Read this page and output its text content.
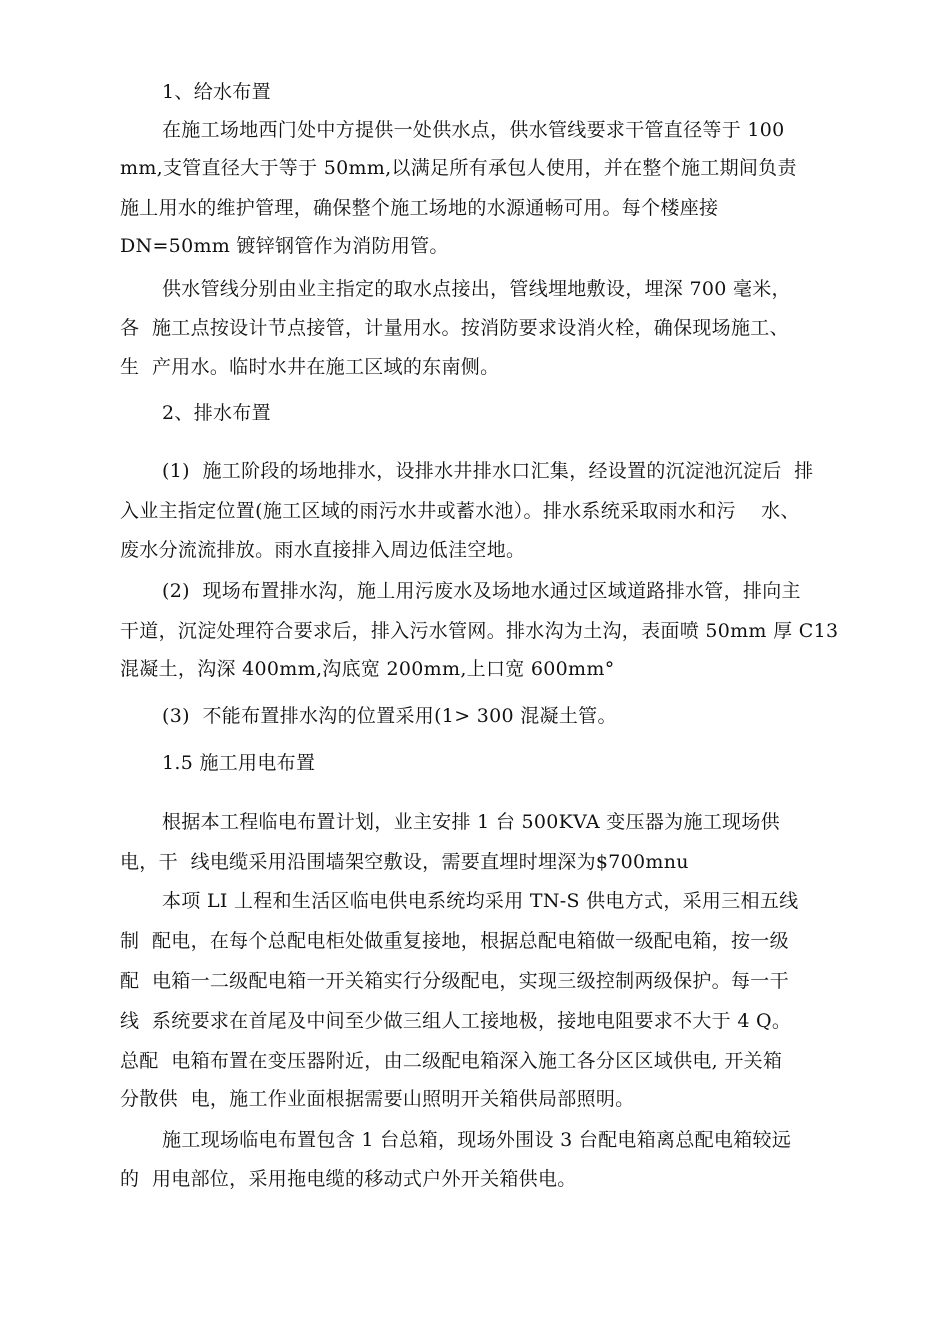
1、给水布置
在施工场地西门处中方提供一处供水点，供水管线要求干管直径等于 100
mm,支管直径大于等于 50mm,以满足所有承包人使用，并在整个施工期间负责
施丄用水的维护管理，确保整个施工场地的水源通畅可用。每个楼座接
DN=50mm 镀锌钢管作为消防用管。
供水管线分别由业主指定的取水点接出，管线埋地敷设，埋深 700 毫米，
各  施工点按设计节点接管，计量用水。按消防要求设消火栓，确保现场施工、
生  产用水。临时水井在施工区域的东南侧。
2、排水布置
(1)  施工阶段的场地排水，设排水井排水口汇集，经设置的沉淀池沉淀后  排
入业主指定位置(施工区域的雨污水井或蓄水池）。排水系统采取雨水和污    水、
废水分流流排放。雨水直接排入周边低洼空地。
(2)  现场布置排水沟，施丄用污废水及场地水通过区域道路排水管，排向主
干道，沉淀处理符合要求后，排入污水管网。排水沟为土沟，表面喷 50mm 厚 C13
混凝土，沟深 400mm,沟底宽 200mm,上口宽 600mm°
(3)  不能布置排水沟的位置采用(1> 300 混凝土管。
1.5 施工用电布置
根据本工程临电布置计划，业主安排 1 台 500KVA 变压器为施工现场供
电，干  线电缆采用沿围墙架空敷设，需要直埋时埋深为$700mnu
本项 LI 丄程和生活区临电供电系统均采用 TN-S 供电方式，采用三相五线
制  配电，在每个总配电柜处做重复接地，根据总配电箱做一级配电箱，按一级
配  电箱一二级配电箱一开关箱实行分级配电，实现三级控制两级保护。每一干
线  系统要求在首尾及中间至少做三组人工接地极，接地电阻要求不大于 4 Q。
总配  电箱布置在变压器附近，由二级配电箱深入施工各分区区域供电, 开关箱
分散供  电，施工作业面根据需要山照明开关箱供局部照明。
施工现场临电布置包含 1 台总箱，现场外围设 3 台配电箱离总配电箱较远
的  用电部位，采用拖电缆的移动式户外开关箱供电。
